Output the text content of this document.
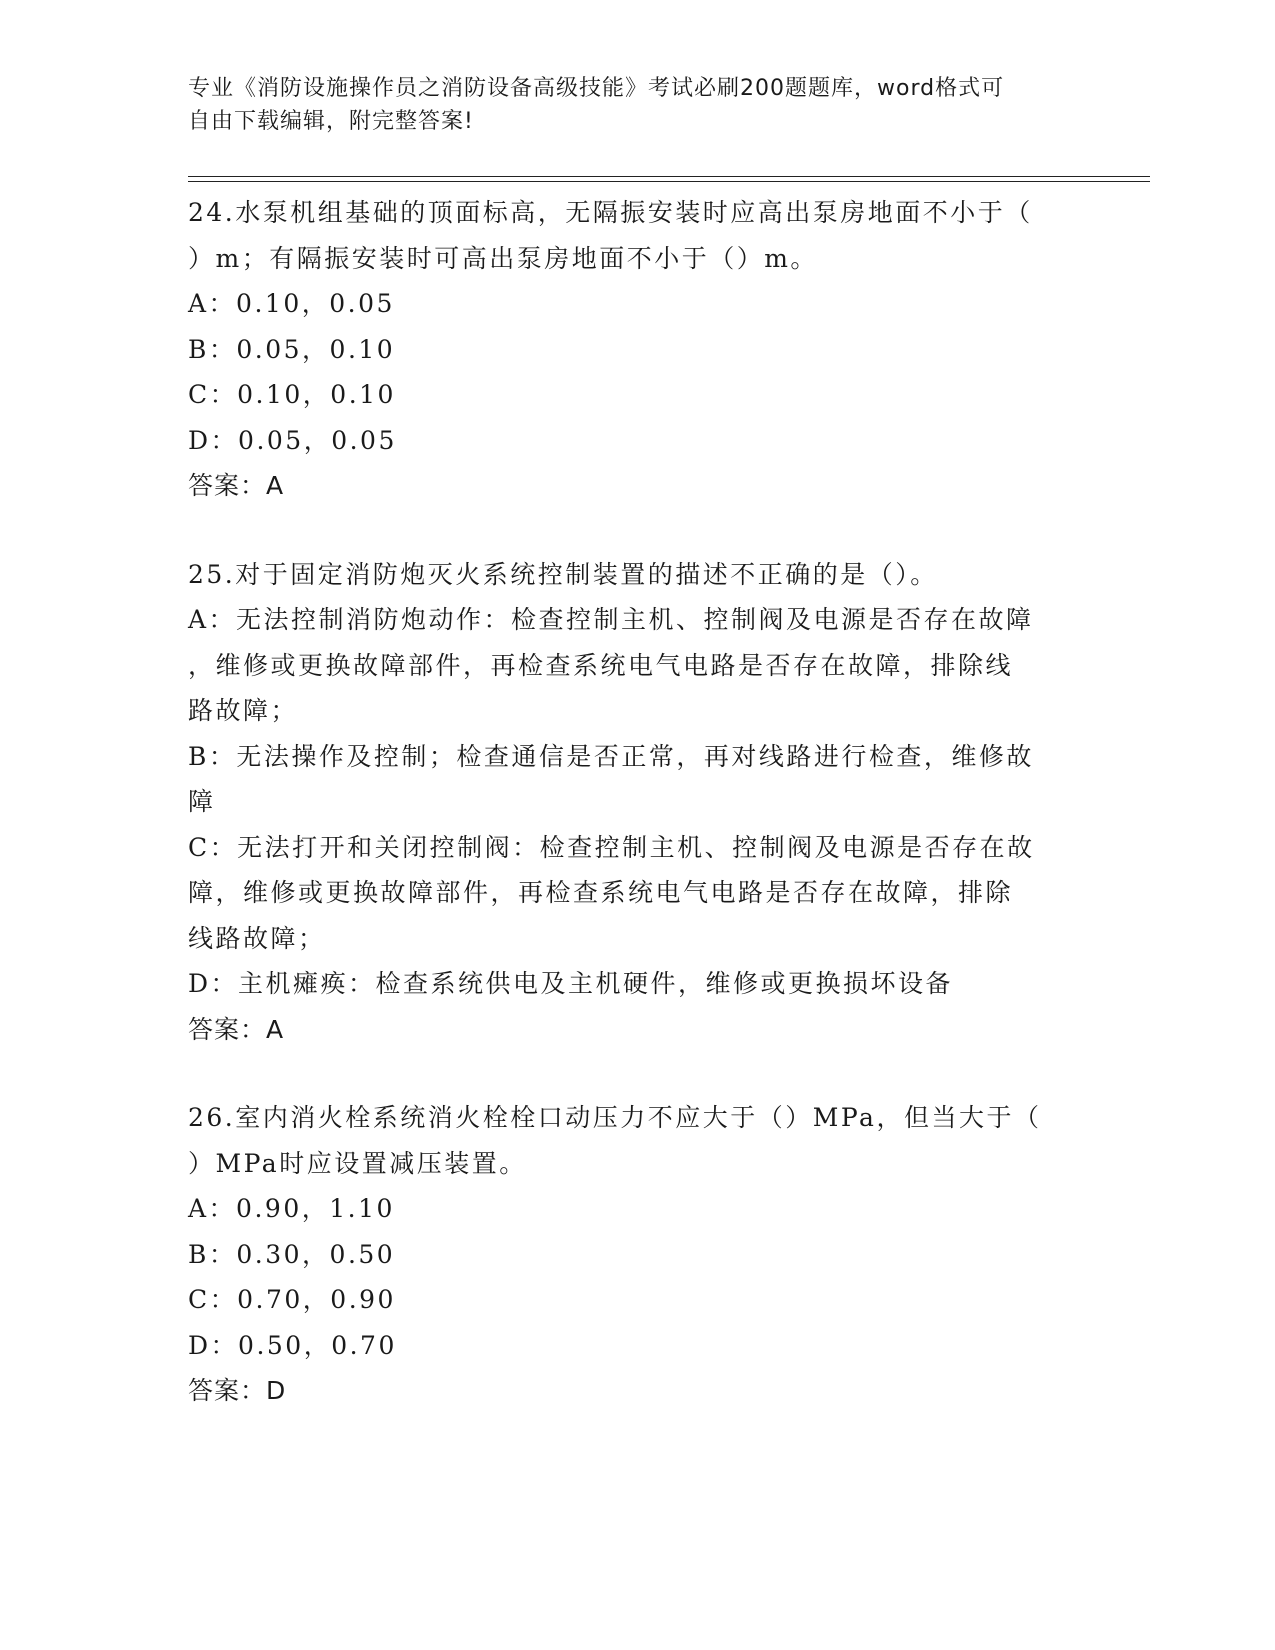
专业《消防设施操作员之消防设备高级技能》考试必刷200题题库，word格式可
自由下载编辑，附完整答案!
24.水泵机组基础的顶面标高，无隔振安装时应高出泵房地面不小于（
）m；有隔振安装时可高出泵房地面不小于（）m。
A：0.10，0.05
B：0.05，0.10
C：0.10，0.10
D：0.05，0.05
答案：A
25.对于固定消防炮灭火系统控制装置的描述不正确的是（）。
A：无法控制消防炮动作：检查控制主机、控制阀及电源是否存在故障
，维修或更换故障部件，再检查系统电气电路是否存在故障，排除线
路故障；
B：无法操作及控制；检查通信是否正常，再对线路进行检查，维修故
障
C：无法打开和关闭控制阀：检查控制主机、控制阀及电源是否存在故
障，维修或更换故障部件，再检查系统电气电路是否存在故障，排除
线路故障；
D：主机瘫痪：检查系统供电及主机硬件，维修或更换损坏设备
答案：A
26.室内消火栓系统消火栓栓口动压力不应大于（）MPa，但当大于（
）MPa时应设置减压装置。
A：0.90，1.10
B：0.30，0.50
C：0.70，0.90
D：0.50，0.70
答案：D
